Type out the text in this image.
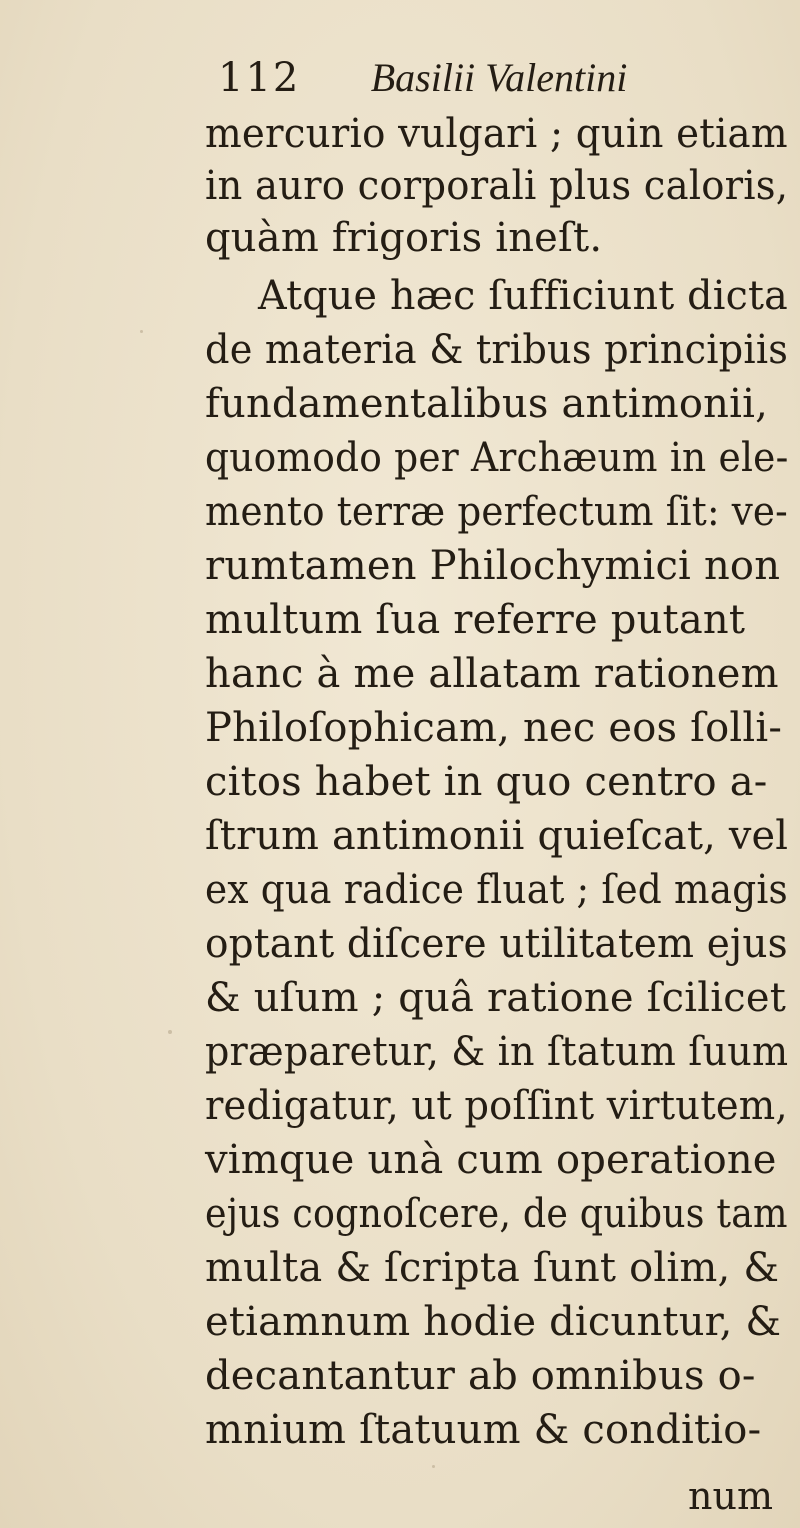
112 Basilii Valentini
mercurio vulgari ; quin etiam
in auro corporali plus caloris,
quàm frigoris ineſt.
Atque hæc ſufficiunt dicta
de materia & tribus principiis
fundamentalibus antimonii,
quomodo per Archæum in ele-
mento terræ perfectum ſit: ve-
rumtamen Philochymici non
multum ſua referre putant
hanc à me allatam rationem
Philoſophicam, nec eos ſolli-
citos habet in quo centro a-
ſtrum antimonii quieſcat, vel
ex qua radice fluat ; ſed magis
optant diſcere utilitatem ejus
& uſum ; quâ ratione ſcilicet
præparetur, & in ſtatum ſuum
redigatur, ut poſſint virtutem,
vimque unà cum operatione
ejus cognoſcere, de quibus tam
multa & ſcripta ſunt olim, &
etiamnum hodie dicuntur, &
decantantur ab omnibus o-
mnium ſtatuum & conditio-
num
